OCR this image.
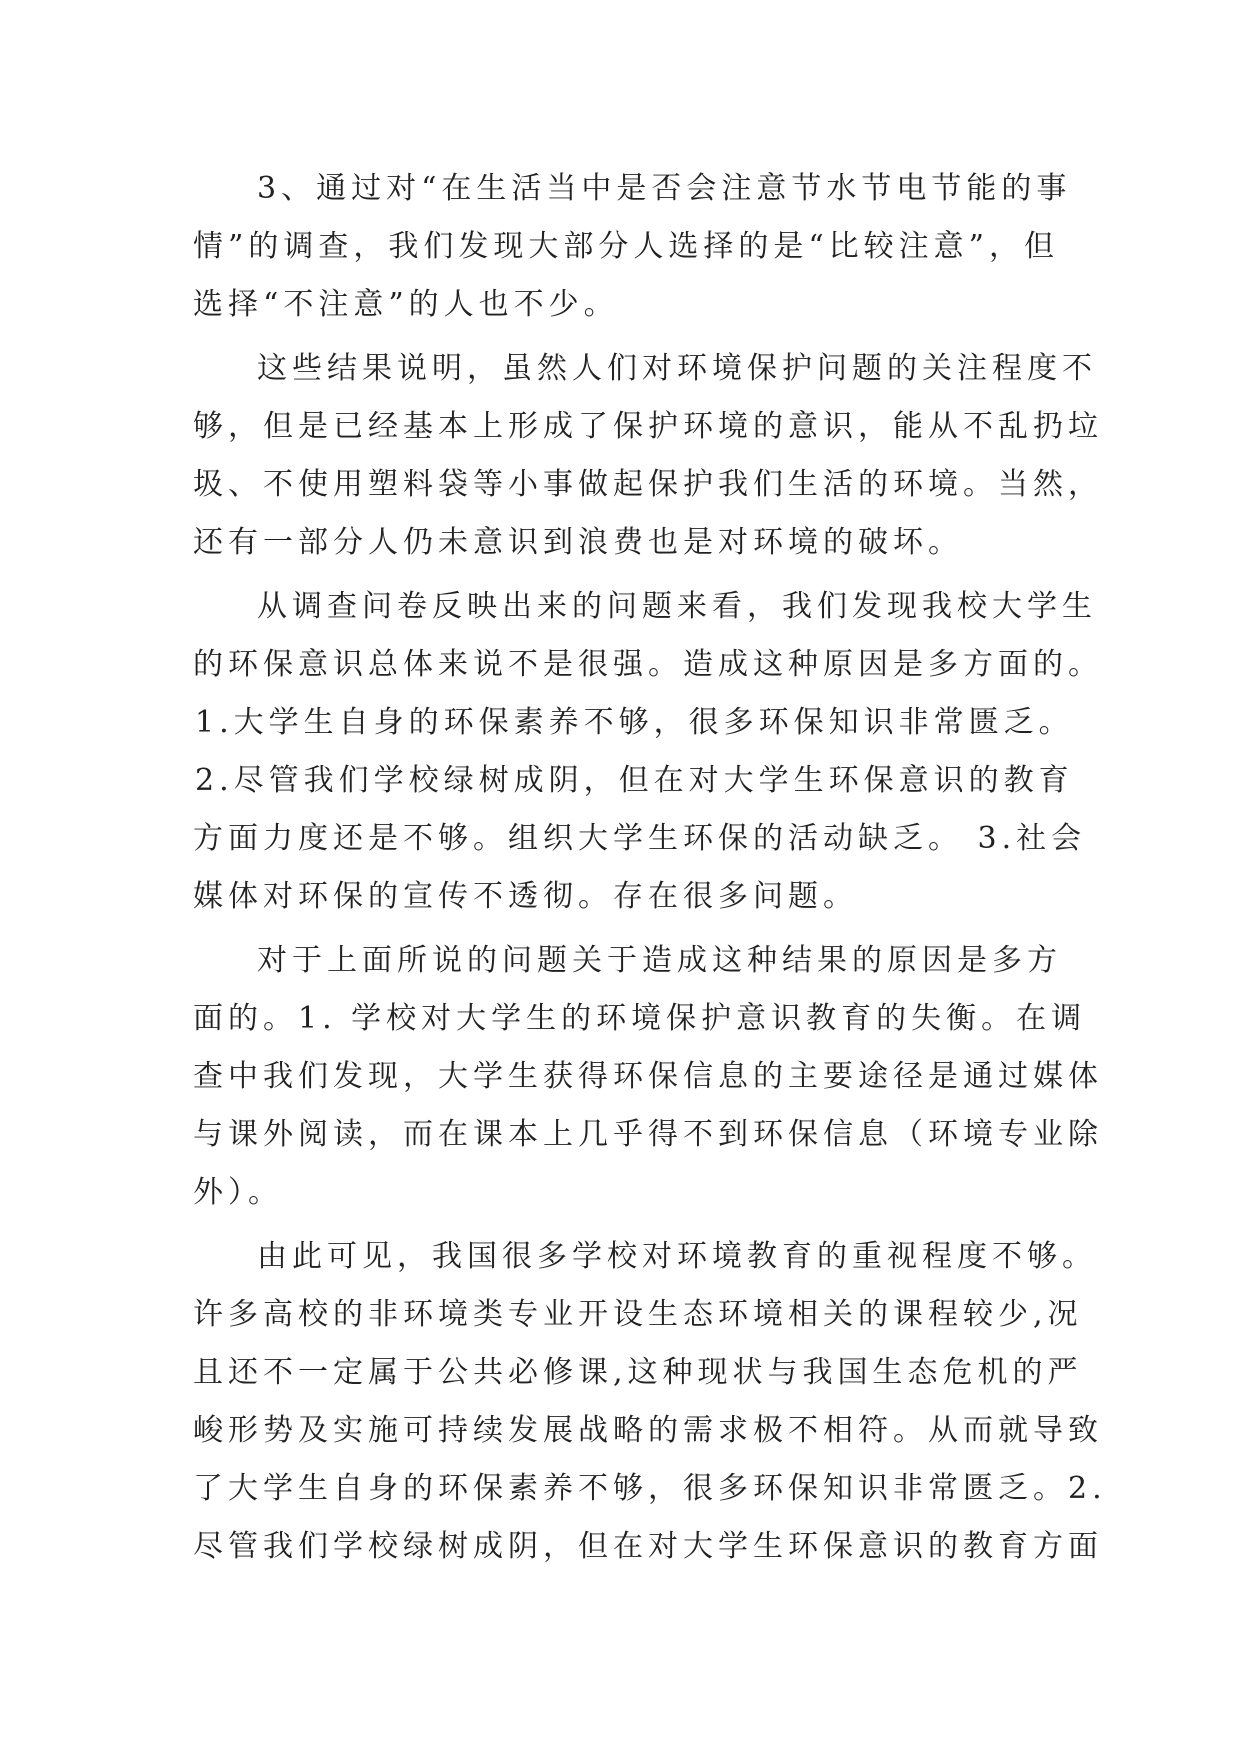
3、通过对“在生活当中是否会注意节水节电节能的事
情”的调查，我们发现大部分人选择的是“比较注意”，但
选择“不注意”的人也不少。
这些结果说明，虽然人们对环境保护问题的关注程度不
够，但是已经基本上形成了保护环境的意识，能从不乱扔垃
圾、不使用塑料袋等小事做起保护我们生活的环境。当然，
还有一部分人仍未意识到浪费也是对环境的破坏。
从调查问卷反映出来的问题来看，我们发现我校大学生
的环保意识总体来说不是很强。造成这种原因是多方面的。
1.大学生自身的环保素养不够，很多环保知识非常匮乏。
2.尽管我们学校绿树成阴，但在对大学生环保意识的教育
方面力度还是不够。组织大学生环保的活动缺乏。 3.社会
媒体对环保的宣传不透彻。存在很多问题。
对于上面所说的问题关于造成这种结果的原因是多方
面的。1. 学校对大学生的环境保护意识教育的失衡。在调
查中我们发现，大学生获得环保信息的主要途径是通过媒体
与课外阅读，而在课本上几乎得不到环保信息（环境专业除
外）。
由此可见，我国很多学校对环境教育的重视程度不够。
许多高校的非环境类专业开设生态环境相关的课程较少,况
且还不一定属于公共必修课,这种现状与我国生态危机的严
峻形势及实施可持续发展战略的需求极不相符。从而就导致
了大学生自身的环保素养不够，很多环保知识非常匮乏。2.
尽管我们学校绿树成阴，但在对大学生环保意识的教育方面
